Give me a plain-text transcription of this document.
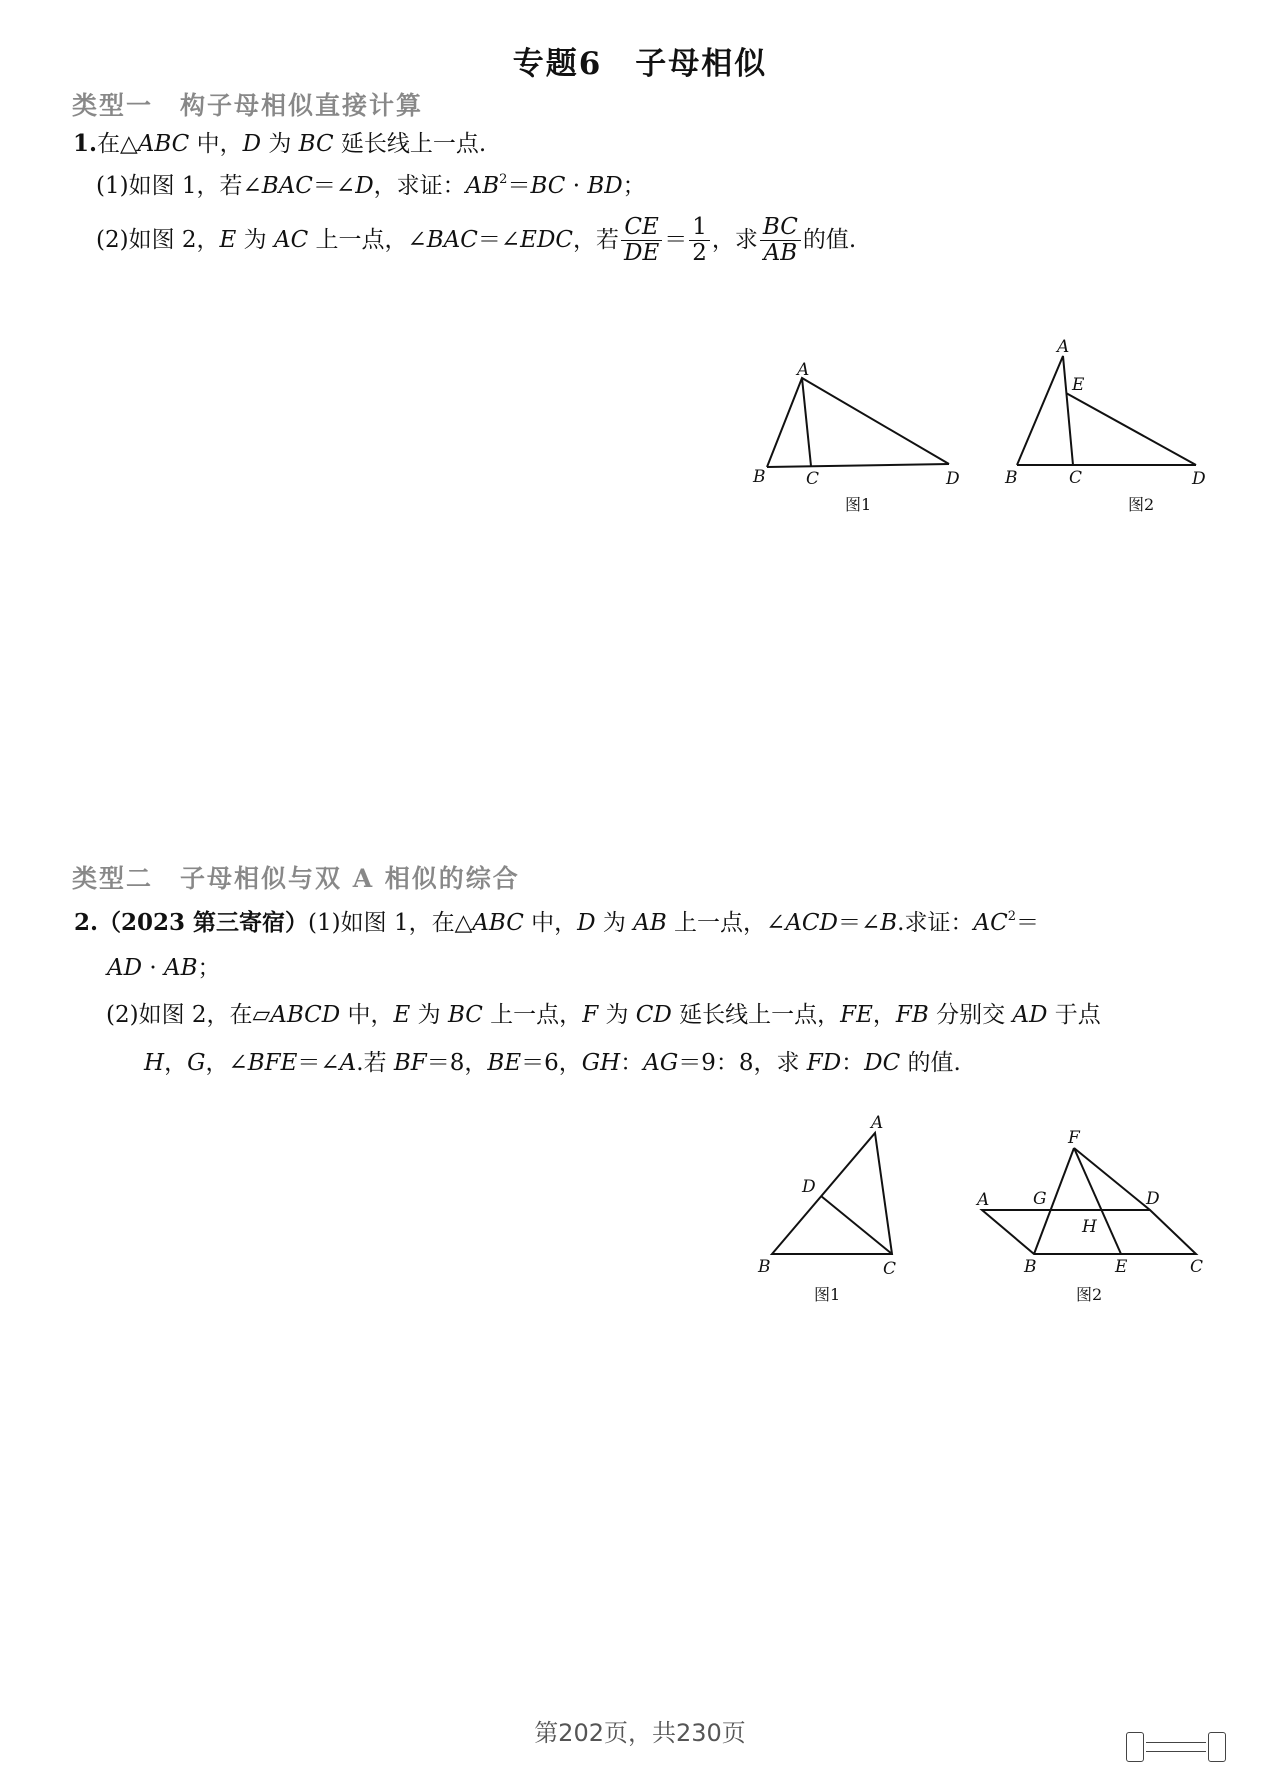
专题6　子母相似
类型一　构子母相似直接计算
1.在△ABC 中，D 为 BC 延长线上一点.
(1)如图 1，若∠BAC＝∠D，求证：$AB^2=BC$ · BD；
(2)如图 2，E 为 AC 上一点，∠BAC＝∠EDC，若 $\frac{CE}{DE} = \frac{1}{2}$ ，求 $\frac{BC}{AB}$ 的值.
A
B C	D
图1
A
E
B	C	D
图2
类型二　子母相似与双 A 相似的综合
2.（2023 第三寄宿）(1)如图 1，在△ABC 中，D 为 AB 上一点，∠ACD＝∠B.求证：$AC^2=$
AD · AB；
(2)如图 2，在▱ABCD 中，E 为 BC 上一点，F 为 CD 延长线上一点，FE，FB 分别交 AD 于点
H，G，∠BFE＝∠A.若 BF＝8，BE＝6，GH：AG＝9：8，求 FD：DC 的值.
A
D
B	C
图1
F
A	G	D
H
B	E	C
图2
第202页，共230页
